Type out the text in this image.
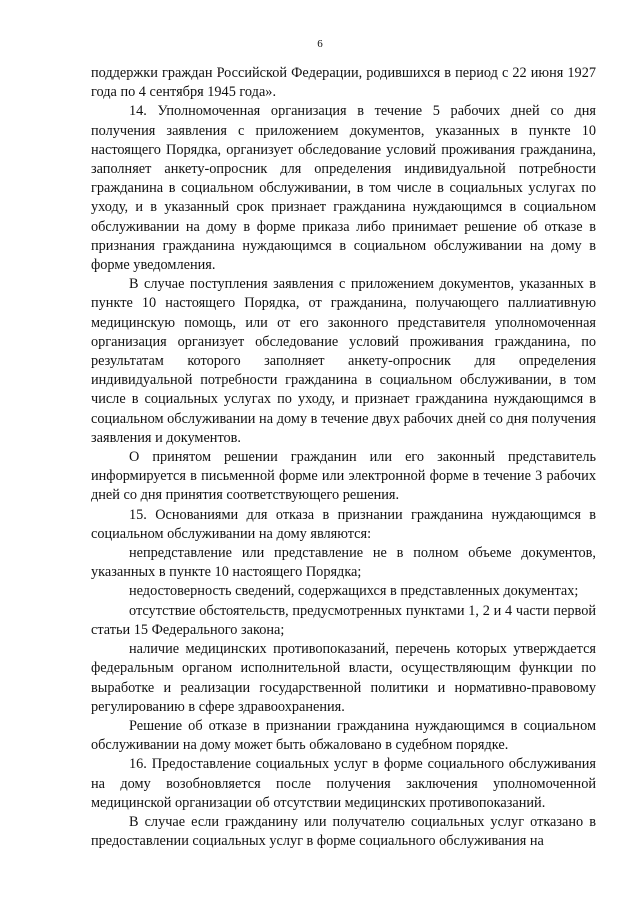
6

поддержки граждан Российской Федерации, родившихся в период с 22 июня 1927 года по 4 сентября 1945 года».

14. Уполномоченная организация в течение 5 рабочих дней со дня получения заявления с приложением документов, указанных в пункте 10 настоящего Порядка, организует обследование условий проживания гражданина, заполняет анкету-опросник для определения индивидуальной потребности гражданина в социальном обслуживании, в том числе в социальных услугах по уходу, и в указанный срок признает гражданина нуждающимся в социальном обслуживании на дому в форме приказа либо принимает решение об отказе в признания гражданина нуждающимся в социальном обслуживании на дому в форме уведомления.

В случае поступления заявления с приложением документов, указанных в пункте 10 настоящего Порядка, от гражданина, получающего паллиативную медицинскую помощь, или от его законного представителя уполномоченная организация организует обследование условий проживания гражданина, по результатам которого заполняет анкету-опросник для определения индивидуальной потребности гражданина в социальном обслуживании, в том числе в социальных услугах по уходу, и признает гражданина нуждающимся в социальном обслуживании на дому в течение двух рабочих дней со дня получения заявления и документов.

О принятом решении гражданин или его законный представитель информируется в письменной форме или электронной форме в течение 3 рабочих дней со дня принятия соответствующего решения.

15. Основаниями для отказа в признании гражданина нуждающимся в социальном обслуживании на дому являются:

непредставление или представление не в полном объеме документов, указанных в пункте 10 настоящего Порядка;

недостоверность сведений, содержащихся в представленных документах;

отсутствие обстоятельств, предусмотренных пунктами 1, 2 и 4 части первой статьи 15 Федерального закона;

наличие медицинских противопоказаний, перечень которых утверждается федеральным органом исполнительной власти, осуществляющим функции по выработке и реализации государственной политики и нормативно-правовому регулированию в сфере здравоохранения.

Решение об отказе в признании гражданина нуждающимся в социальном обслуживании на дому может быть обжаловано в судебном порядке.

16. Предоставление социальных услуг в форме социального обслуживания на дому возобновляется после получения заключения уполномоченной медицинской организации об отсутствии медицинских противопоказаний.

В случае если гражданину или получателю социальных услуг отказано в предоставлении социальных услуг в форме социального обслуживания на
